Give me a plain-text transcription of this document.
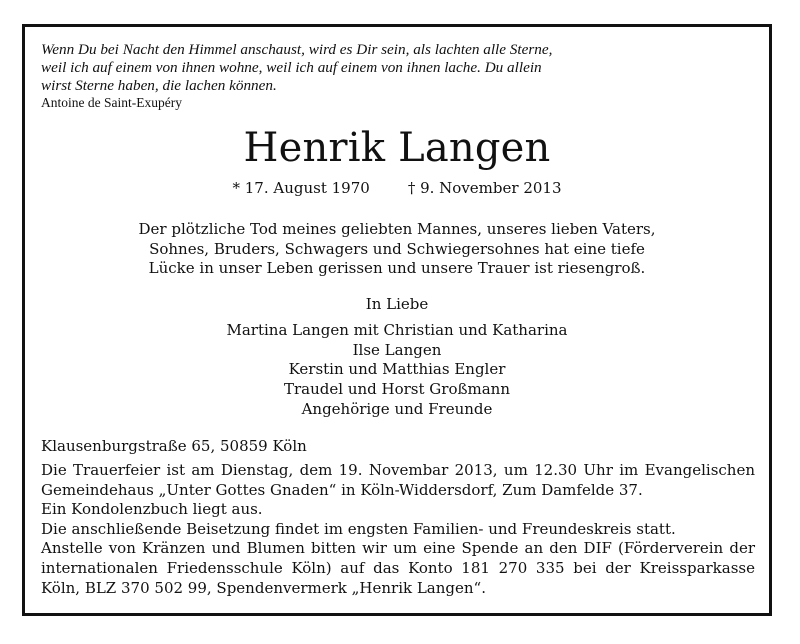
Wenn Du bei Nacht den Himmel anschaust, wird es Dir sein, als lachten alle Sterne,
weil ich auf einem von ihnen wohne, weil ich auf einem von ihnen lache. Du allein
wirst Sterne haben, die lachen können.
Antoine de Saint-Exupéry
Henrik Langen
* 17. August 1970	† 9. November 2013
Der plötzliche Tod meines geliebten Mannes, unseres lieben Vaters,
Sohnes, Bruders, Schwagers und Schwiegersohnes hat eine tiefe
Lücke in unser Leben gerissen und unsere Trauer ist riesengroß.
In Liebe
Martina Langen mit Christian und Katharina
Ilse Langen
Kerstin und Matthias Engler
Traudel und Horst Großmann
Angehörige und Freunde
Klausenburgstraße 65, 50859 Köln
Die Trauerfeier ist am Dienstag, dem 19. Novembar 2013, um 12.30 Uhr im Evangelischen
Gemeindehaus „Unter Gottes Gnaden“ in Köln-Widdersdorf, Zum Damfelde 37.
Ein Kondolenzbuch liegt aus.
Die anschließende Beisetzung findet im engsten Familien- und Freundeskreis statt.
Anstelle von Kränzen und Blumen bitten wir um eine Spende an den DIF (Förderverein der
internationalen Friedensschule Köln) auf das Konto 181 270 335 bei der Kreissparkasse
Köln, BLZ 370 502 99, Spendenvermerk „Henrik Langen“.
